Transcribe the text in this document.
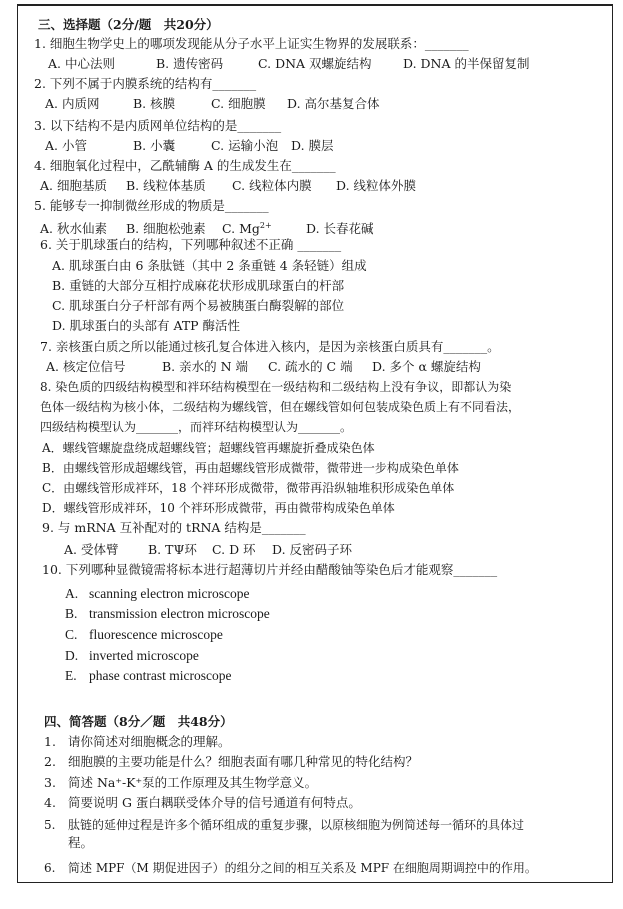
三、选择题（2分/题　共20分）
1. 细胞生物学史上的哪项发现能从分子水平上证实生物界的发展联系：_______
A. 中心法则	B. 遗传密码	C. DNA 双螺旋结构	D. DNA 的半保留复制
2. 下列不属于内膜系统的结构有_______
A. 内质网	B. 核膜	C. 细胞膜 D. 高尔基复合体
3. 以下结构不是内质网单位结构的是_______
A. 小管	B. 小囊	C. 运输小泡 D. 膜层
4. 细胞氧化过程中，乙酰辅酶 A 的生成发生在_______
A. 细胞基质 B. 线粒体基质 C. 线粒体内膜 D. 线粒体外膜
5. 能够专一抑制微丝形成的物质是_______
A. 秋水仙素 B. 细胞松弛素 C. $Mg^{2+}$	D. 长春花碱
6. 关于肌球蛋白的结构，下列哪种叙述不正确 _______
A. 肌球蛋白由 6 条肽链（其中 2 条重链 4 条轻链）组成
B. 重链的大部分互相拧成麻花状形成肌球蛋白的杆部
C. 肌球蛋白分子杆部有两个易被胰蛋白酶裂解的部位
D. 肌球蛋白的头部有 ATP 酶活性
7. 亲核蛋白质之所以能通过核孔复合体进入核内，是因为亲核蛋白质具有_______。
A. 核定位信号	B. 亲水的 N 端 C. 疏水的 C 端 D. 多个 α 螺旋结构
8. 染色质的四级结构模型和袢环结构模型在一级结构和二级结构上没有争议，即都认为染
色体一级结构为核小体，二级结构为螺线管，但在螺线管如何包装成染色质上有不同看法，
四级结构模型认为_______，而袢环结构模型认为_______。
A．螺线管螺旋盘绕成超螺线管；超螺线管再螺旋折叠成染色体
B．由螺线管形成超螺线管，再由超螺线管形成微带，微带进一步构成染色单体
C．由螺线管形成袢环，18 个袢环形成微带，微带再沿纵轴堆积形成染色单体
D．螺线管形成袢环，10 个袢环形成微带，再由微带构成染色单体
9. 与 mRNA 互补配对的 tRNA 结构是_______
A. 受体臂 B. TΨ环 C. D 环 D. 反密码子环
10. 下列哪种显微镜需将标本进行超薄切片并经由醋酸铀等染色后才能观察_______
A. scanning electron microscope
B. transmission electron microscope
C. fluorescence microscope
D. inverted microscope
E. phase contrast microscope
四、简答题（8分／题　共48分）
1. 请你简述对细胞概念的理解。
2. 细胞膜的主要功能是什么？细胞表面有哪几种常见的特化结构？
3. 简述 Na⁺-K⁺泵的工作原理及其生物学意义。
4. 简要说明 G 蛋白耦联受体介导的信号通道有何特点。
5. 肽链的延伸过程是许多个循环组成的重复步骤，以原核细胞为例简述每一循环的具体过
程。
6. 简述 MPF（M 期促进因子）的组分之间的相互关系及 MPF 在细胞周期调控中的作用。
